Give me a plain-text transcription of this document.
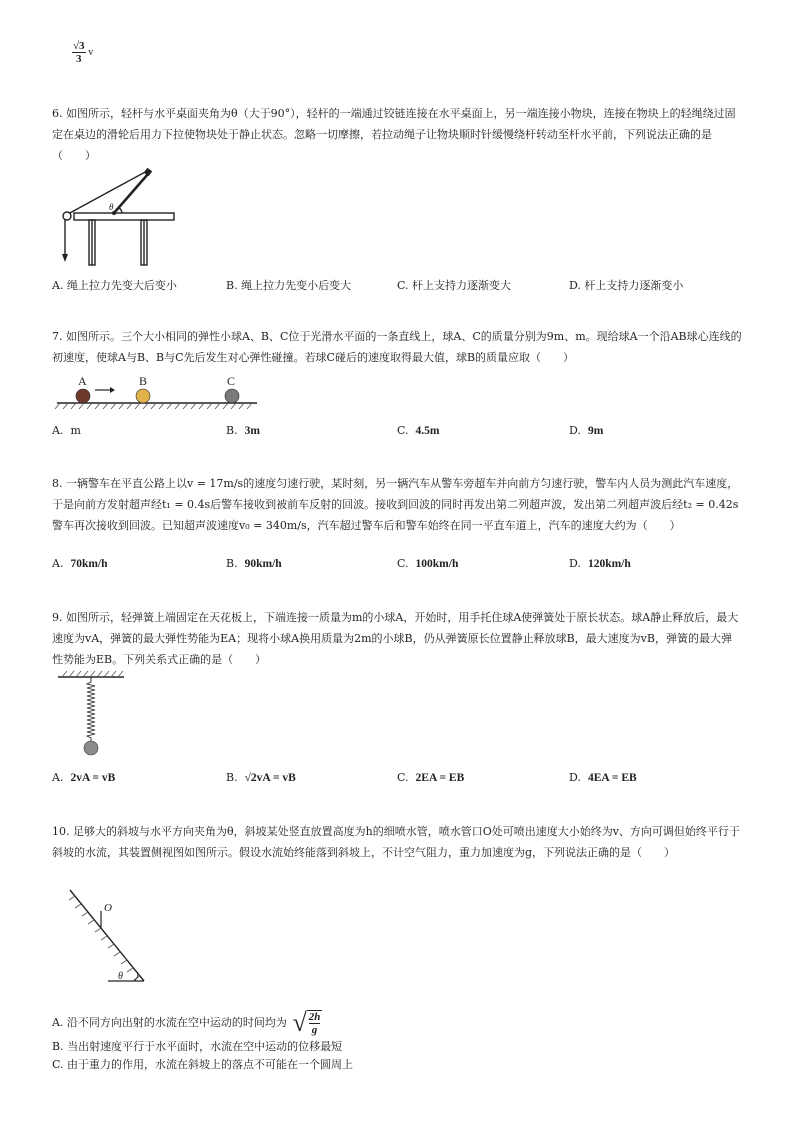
$\frac{√3}{3}$ v
6. 如图所示，轻杆与水平桌面夹角为θ（大于90°），轻杆的一端通过铰链连接在水平桌面上，另一端连接小物块，连接在物块上的轻绳绕过固定在桌边的滑轮后用力下拉使物块处于静止状态。忽略一切摩擦，若拉动绳子让物块顺时针缓慢绕杆转动至杆水平前，下列说法正确的是（　　）
θ
A. 绳上拉力先变大后变小	B. 绳上拉力先变小后变大	C. 杆上支持力逐渐变大	D. 杆上支持力逐渐变小
7. 如图所示。三个大小相同的弹性小球A、B、C位于光滑水平面的一条直线上，球A、C的质量分别为9m、m。现给球A一个沿AB球心连线的初速度，使球A与B、B与C先后发生对心弹性碰撞。若球C碰后的速度取得最大值，球B的质量应取（　　）
A	B	C
A. m	B. 3m	C. 4.5m	D. 9m
8. 一辆警车在平直公路上以v = 17m/s的速度匀速行驶，某时刻，另一辆汽车从警车旁超车并向前方匀速行驶，警车内人员为测此汽车速度，于是向前方发射超声经t₁ = 0.4s后警车接收到被前车反射的回波。接收到回波的同时再发出第二列超声波，发出第二列超声波后经t₂ = 0.42s警车再次接收到回波。已知超声波速度v₀ = 340m/s，汽车超过警车后和警车始终在同一平直车道上，汽车的速度大约为（　　）
A. 70km/h	B. 90km/h	C. 100km/h	D. 120km/h
9. 如图所示，轻弹簧上端固定在天花板上，下端连接一质量为m的小球A，开始时，用手托住球A使弹簧处于原长状态。球A静止释放后，最大速度为vA，弹簧的最大弹性势能为EA；现将小球A换用质量为2m的小球B，仍从弹簧原长位置静止释放球B，最大速度为vB，弹簧的最大弹性势能为EB。下列关系式正确的是（　　）
A. 2vA = vB	B. √2vA = vB	C. 2EA = EB	D. 4EA = EB
10. 足够大的斜坡与水平方向夹角为θ，斜坡某处竖直放置高度为h的细喷水管，喷水管口O处可喷出速度大小始终为v、方向可调但始终平行于斜坡的水流，其装置侧视图如图所示。假设水流始终能落到斜坡上，不计空气阻力，重力加速度为g，下列说法正确的是（　　）
O
θ
A. 沿不同方向出射的水流在空中运动的时间均为 √ $\frac{2h}{g}$
B. 当出射速度平行于水平面时，水流在空中运动的位移最短
C. 由于重力的作用，水流在斜坡上的落点不可能在一个圆周上
